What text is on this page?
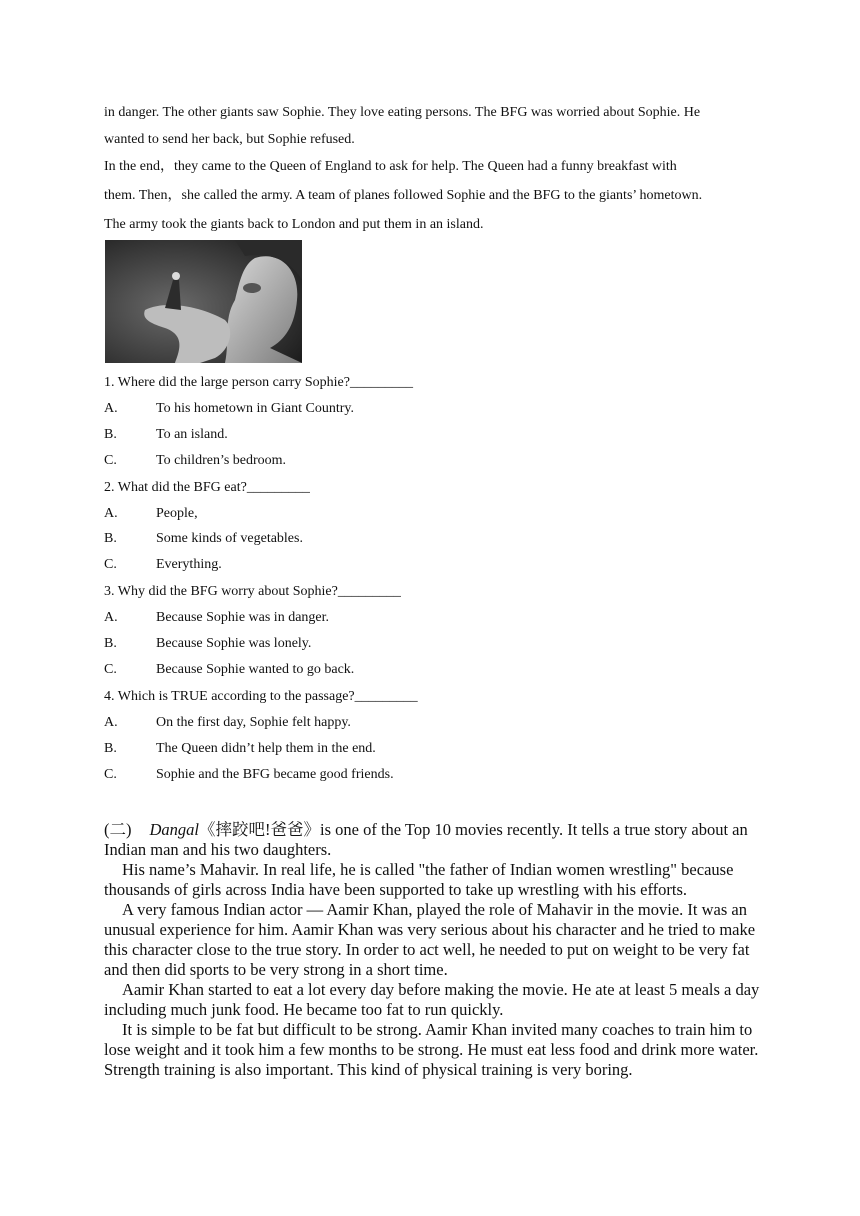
in danger. The other giants saw Sophie. They love eating persons. The BFG was worried about Sophie. He
wanted to send her back, but Sophie refused.
In the end，they came to the Queen of England to ask for help. The Queen had a funny breakfast with
them. Then，she called the army. A team of planes followed Sophie and the BFG to the giants’ hometown.
The army took the giants back to London and put them in an island.
1. Where did the large person carry Sophie?_________
A.	To his hometown in Giant Country.
B.	To an island.
C.	To children’s bedroom.
2. What did the BFG eat?_________
A.	People,
B.	Some kinds of vegetables.
C.	Everything.
3. Why did the BFG worry about Sophie?_________
A.	Because Sophie was in danger.
B.	Because Sophie was lonely.
C.	Because Sophie wanted to go back.
4. Which is TRUE according to the passage?_________
A.	On the first day, Sophie felt happy.
B.	The Queen didn’t help them in the end.
C.	Sophie and the BFG became good friends.

(二) Dangal《摔跤吧!爸爸》is one of the Top 10 movies recently. It tells a true story about an Indian man and his two daughters.

His name’s Mahavir. In real life, he is called "the father of Indian women wrestling" because thousands of girls across India have been supported to take up wrestling with his efforts.

A very famous Indian actor — Aamir Khan, played the role of Mahavir in the movie. It was an unusual experience for him. Aamir Khan was very serious about his character and he tried to make this character close to the true story. In order to act well, he needed to put on weight to be very fat and then did sports to be very strong in a short time.

Aamir Khan started to eat a lot every day before making the movie. He ate at least 5 meals a day including much junk food. He became too fat to run quickly.

It is simple to be fat but difficult to be strong. Aamir Khan invited many coaches to train him to lose weight and it took him a few months to be strong. He must eat less food and drink more water. Strength training is also important. This kind of physical training is very boring.
